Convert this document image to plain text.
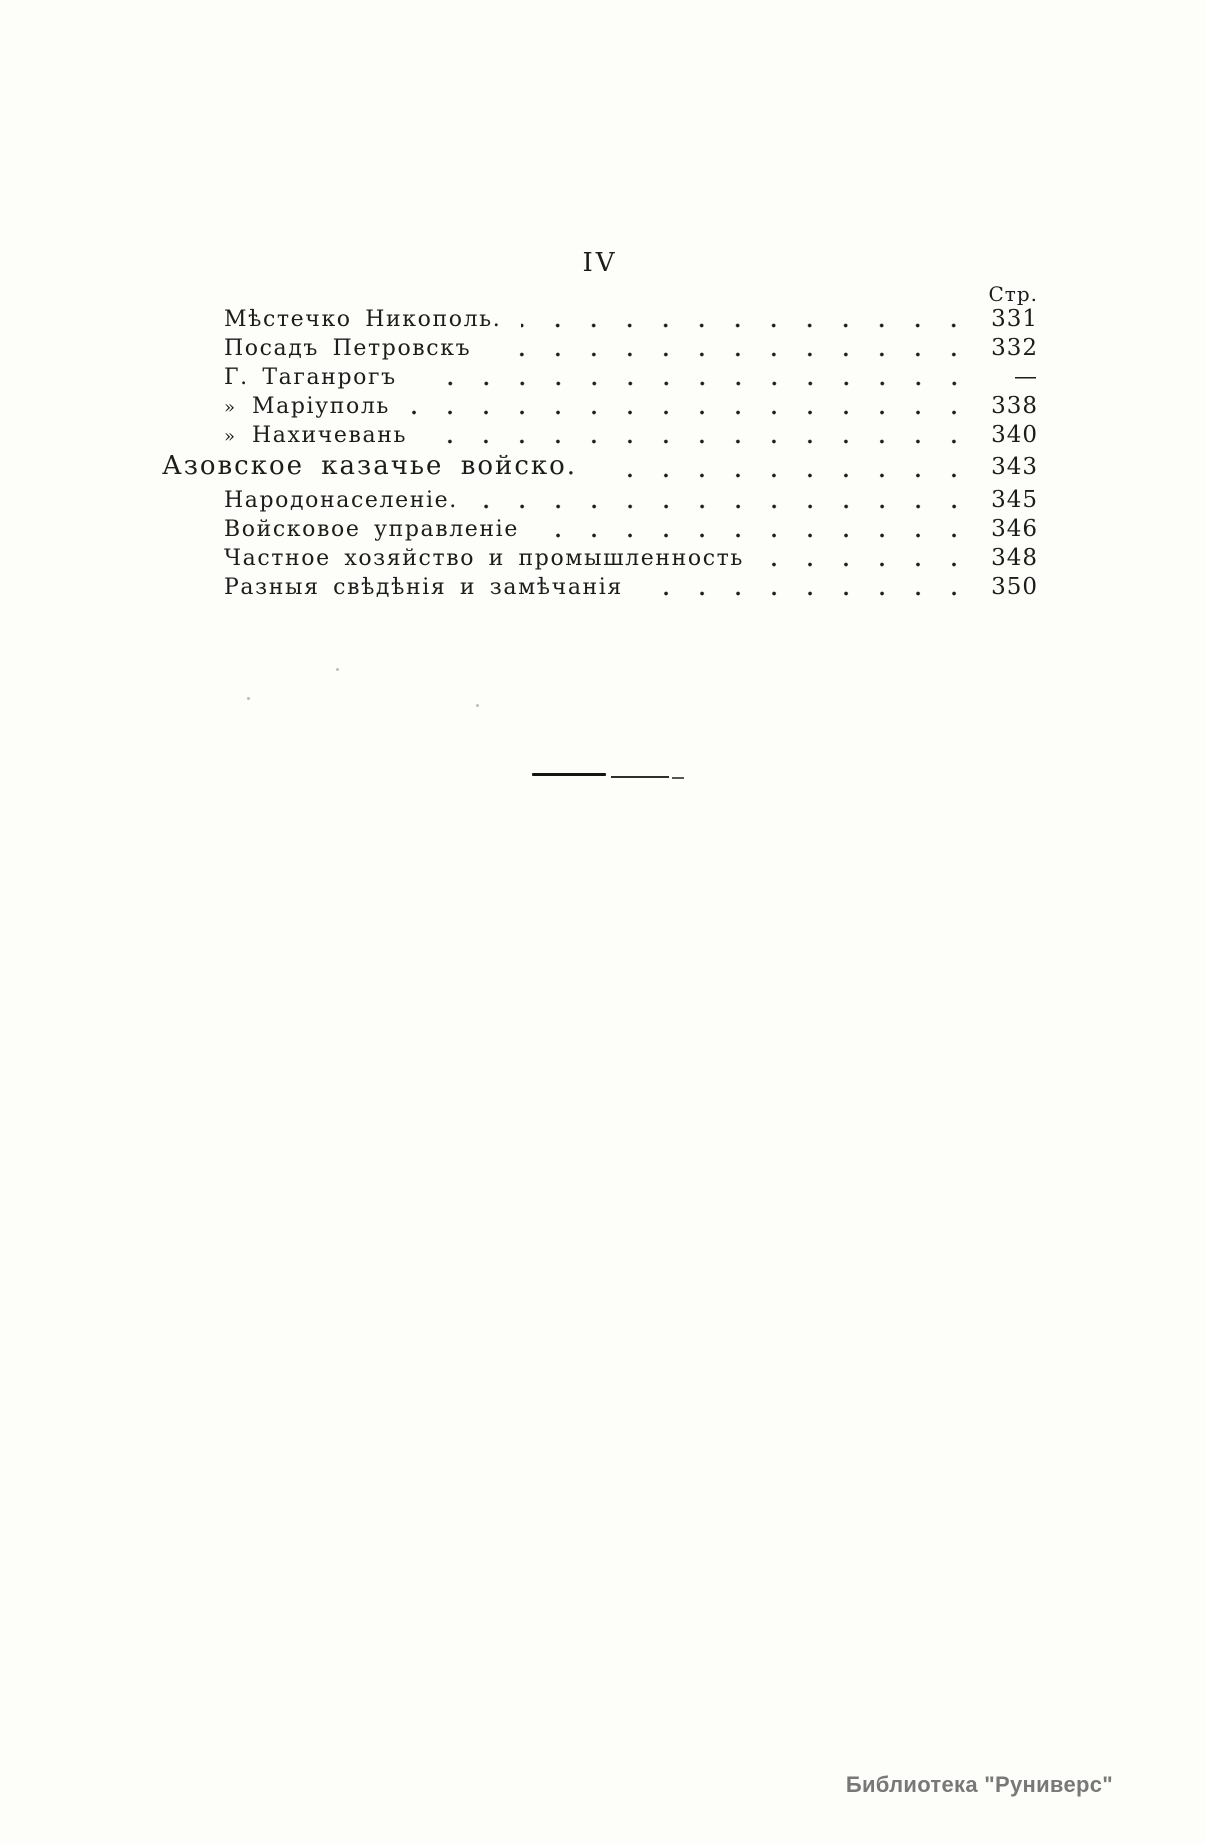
IV
Стр.
Мѣстечко Никополь.	331
Посадъ Петровскъ	332
Г. Таганрогъ	—
» Маріуполь	338
» Нахичевань	340
Азовское казачье войско.	343
Народонаселеніе.	345
Войсковое управленіе	346
Частное хозяйство и промышленность	348
Разныя свѣдѣнія и замѣчанія	350
Библиотека "Руниверс"
